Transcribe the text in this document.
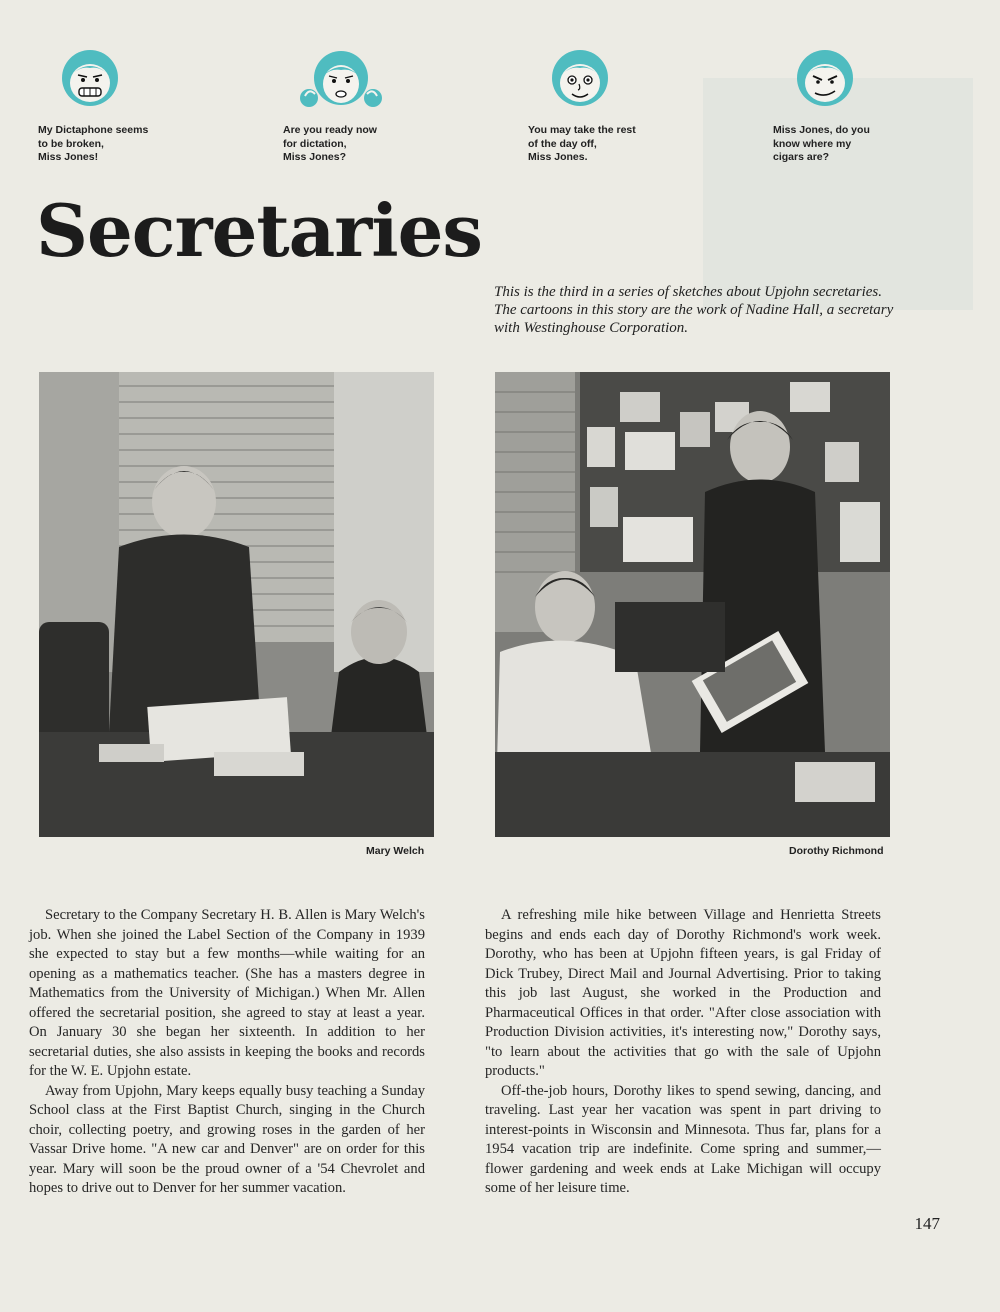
My Dictaphone seems
to be broken,
Miss Jones!
Are you ready now
for dictation,
Miss Jones?
You may take the rest
of the day off,
Miss Jones.
Miss Jones, do you
know where my
cigars are?
Secretaries

This is the third in a series of sketches about Upjohn secretaries.

The cartoons in this story are the work of Nadine Hall, a secretary with Westinghouse Corporation.

Mary Welch	Dorothy Richmond

Secretary to the Company Secretary H. B. Allen is Mary Welch's job. When she joined the Label Section of the Company in 1939 she expected to stay but a few months—while waiting for an opening as a mathematics teacher. (She has a masters degree in Mathematics from the University of Michigan.) When Mr. Allen offered the secretarial position, she agreed to stay at least a year. On January 30 she began her sixteenth. In addition to her secretarial duties, she also assists in keeping the books and records for the W. E. Upjohn estate.

Away from Upjohn, Mary keeps equally busy teaching a Sunday School class at the First Baptist Church, singing in the Church choir, collecting poetry, and growing roses in the garden of her Vassar Drive home. "A new car and Denver" are on order for this year. Mary will soon be the proud owner of a '54 Chevrolet and hopes to drive out to Denver for her summer vacation.

A refreshing mile hike between Village and Henrietta Streets begins and ends each day of Dorothy Richmond's work week. Dorothy, who has been at Upjohn fifteen years, is gal Friday of Dick Trubey, Direct Mail and Journal Advertising. Prior to taking this job last August, she worked in the Production and Pharmaceutical Offices in that order. "After close association with Production Division activities, it's interesting now," Dorothy says, "to learn about the activities that go with the sale of Upjohn products."

Off-the-job hours, Dorothy likes to spend sewing, dancing, and traveling. Last year her vacation was spent in part driving to interest-points in Wisconsin and Minnesota. Thus far, plans for a 1954 vacation trip are indefinite. Come spring and summer,—flower gardening and week ends at Lake Michigan will occupy some of her leisure time.

147
